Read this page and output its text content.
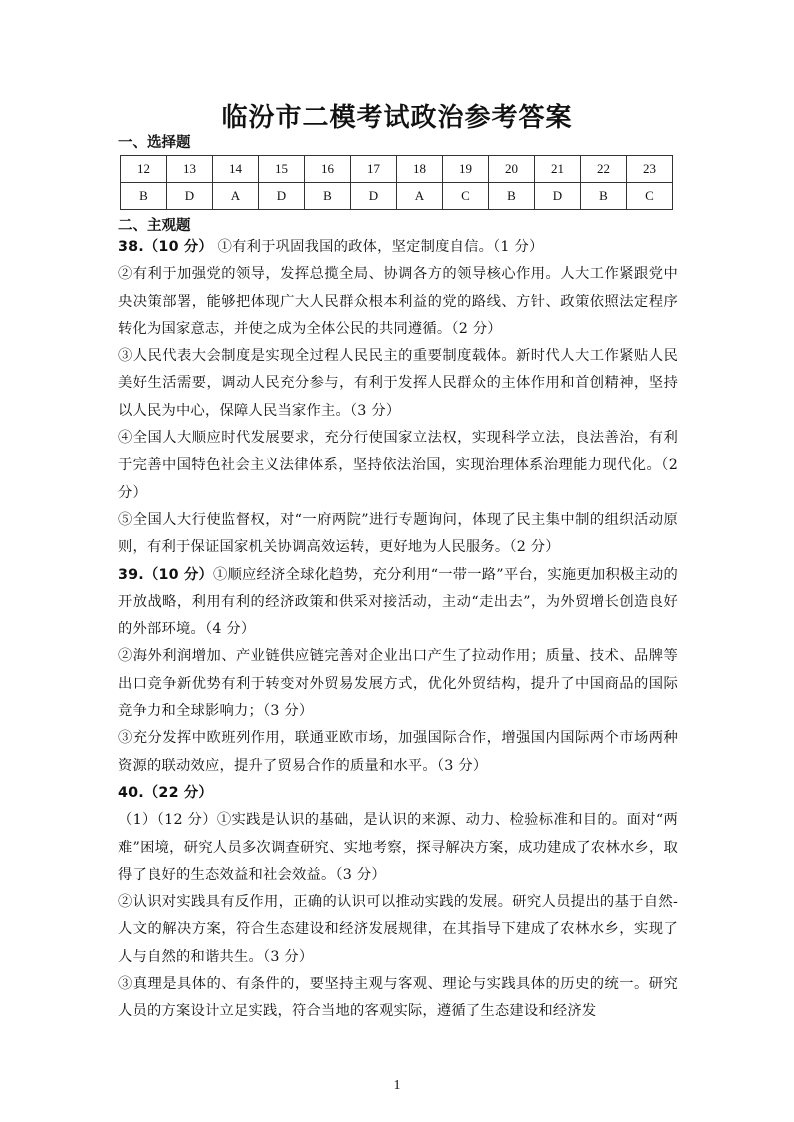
临汾市二模考试政治参考答案
一、选择题
12	13	14	15	16	17	18	19	20	21	22	23
B	D	A	D	B	D	A	C	B	D	B	C
二、主观题

38.（10 分） ①有利于巩固我国的政体，坚定制度自信。（1 分）

②有利于加强党的领导，发挥总揽全局、协调各方的领导核心作用。人大工作紧跟党中央决策部署，能够把体现广大人民群众根本利益的党的路线、方针、政策依照法定程序转化为国家意志，并使之成为全体公民的共同遵循。（2 分）

③人民代表大会制度是实现全过程人民民主的重要制度载体。新时代人大工作紧贴人民美好生活需要，调动人民充分参与，有利于发挥人民群众的主体作用和首创精神，坚持以人民为中心，保障人民当家作主。（3 分）

④全国人大顺应时代发展要求，充分行使国家立法权，实现科学立法，良法善治，有利于完善中国特色社会主义法律体系，坚持依法治国，实现治理体系治理能力现代化。（2 分）

⑤全国人大行使监督权，对“一府两院”进行专题询问，体现了民主集中制的组织活动原则，有利于保证国家机关协调高效运转，更好地为人民服务。（2 分）

39.（10 分）①顺应经济全球化趋势，充分利用“一带一路”平台，实施更加积极主动的开放战略，利用有利的经济政策和供采对接活动，主动“走出去”，为外贸增长创造良好的外部环境。（4 分）

②海外利润增加、产业链供应链完善对企业出口产生了拉动作用；质量、技术、品牌等出口竞争新优势有利于转变对外贸易发展方式，优化外贸结构，提升了中国商品的国际竞争力和全球影响力；（3 分）

③充分发挥中欧班列作用，联通亚欧市场，加强国际合作，增强国内国际两个市场两种资源的联动效应，提升了贸易合作的质量和水平。（3 分）

40.（22 分）

（1）（12 分）①实践是认识的基础，是认识的来源、动力、检验标准和目的。面对“两难”困境，研究人员多次调查研究、实地考察，探寻解决方案，成功建成了农林水乡，取得了良好的生态效益和社会效益。（3 分）

②认识对实践具有反作用，正确的认识可以推动实践的发展。研究人员提出的基于自然-人文的解决方案，符合生态建设和经济发展规律，在其指导下建成了农林水乡，实现了人与自然的和谐共生。（3 分）

③真理是具体的、有条件的，要坚持主观与客观、理论与实践具体的历史的统一。研究人员的方案设计立足实践，符合当地的客观实际，遵循了生态建设和经济发

1
